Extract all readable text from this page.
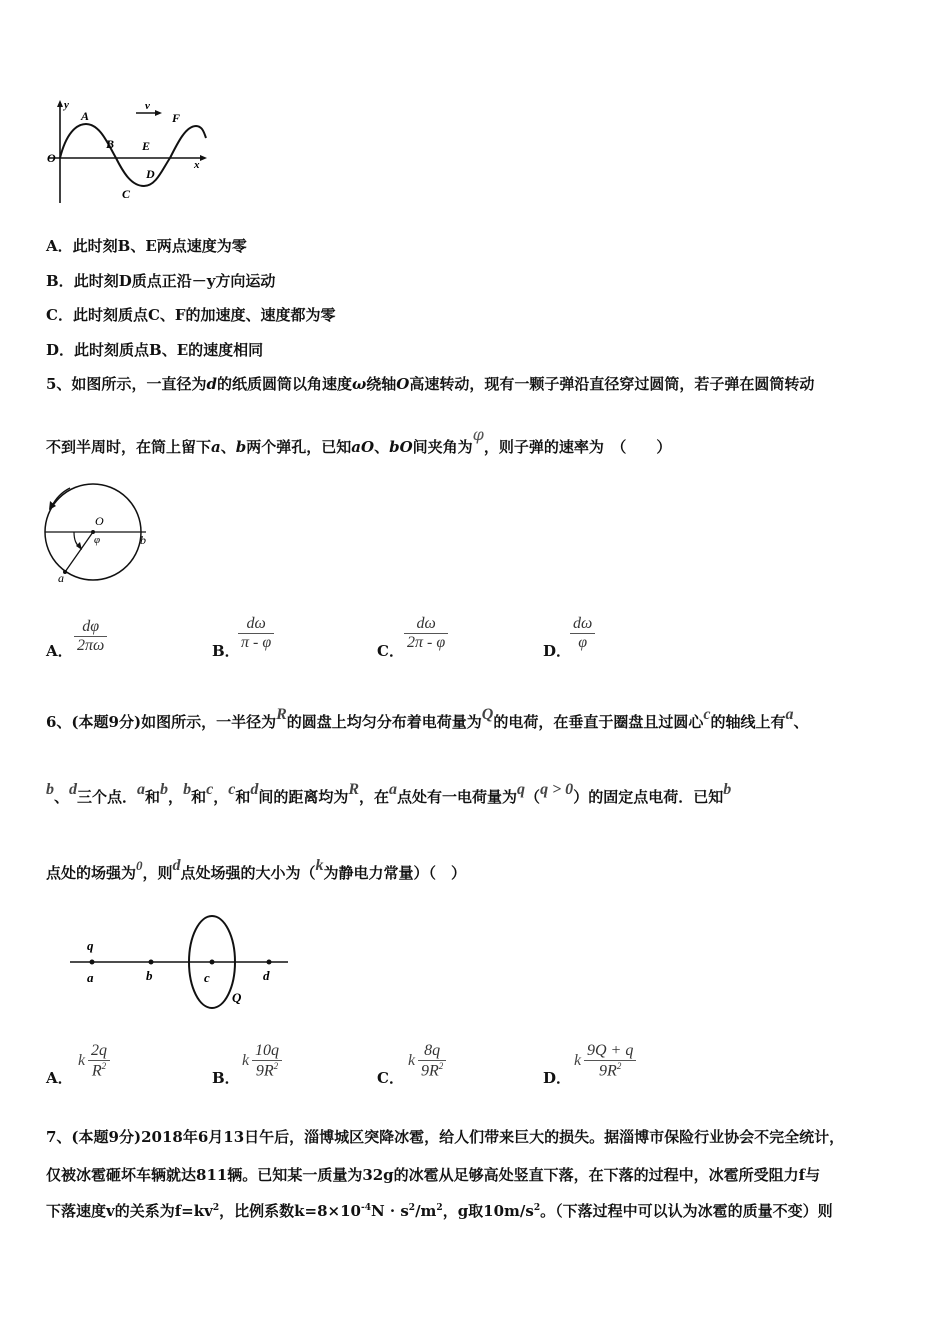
v
y
O
A
B E
F
C
D
x
A．此时刻B、E两点速度为零
B．此时刻D质点正沿－y方向运动
C．此时刻质点C、F的加速度、速度都为零
D．此时刻质点B、E的速度相同
5、如图所示，一直径为d的纸质圆筒以角速度ω绕轴O高速转动，现有一颗子弹沿直径穿过圆筒，若子弹在圆筒转动
不到半周时，在筒上留下a、b两个弹孔，已知aO、bO间夹角为φ，则子弹的速率为　（　　）
O
φ	b
a
A． $\frac{d\varphi}{2\pi\omega}$	B．
$\frac{d\omega}{\pi - \varphi}$	C． $\frac{d\omega}{2\pi - \varphi}$	D．
$\frac{d\omega}{\varphi}$
6、(本题9分)如图所示，一半径为R的圆盘上均匀分布着电荷量为Q的电荷，在垂直于圈盘且过圆心c的轴线上有a、
b、d三个点．a和b，b和c，c和d间的距离均为R，在a点处有一电荷量为q（q > 0）的固定点电荷．已知b
点处的场强为0，则d点处场强的大小为（k为静电力常量）（　）
q
a	b	c	d
Q
A．
k $\frac{2q}{R^2}$	B．
k $\frac{10q}{9R^2}$	C．
k $\frac{8q}{9R^2}$	D．
k $\frac{9Q + q}{9R^2}$
7、(本题9分)2018年6月13日午后，淄博城区突降冰雹，给人们带来巨大的损失。据淄博市保险行业协会不完全统计，
仅被冰雹砸坏车辆就达811辆。已知某一质量为32g的冰雹从足够高处竖直下落，在下落的过程中，冰雹所受阻力f与
下落速度v的关系为$f=kv^2$，比例系数$k=8\times 10^{-4}N \cdot s^2/m^2$，g取$10m/s^2$。（下落过程中可以认为冰雹的质量不变）则
